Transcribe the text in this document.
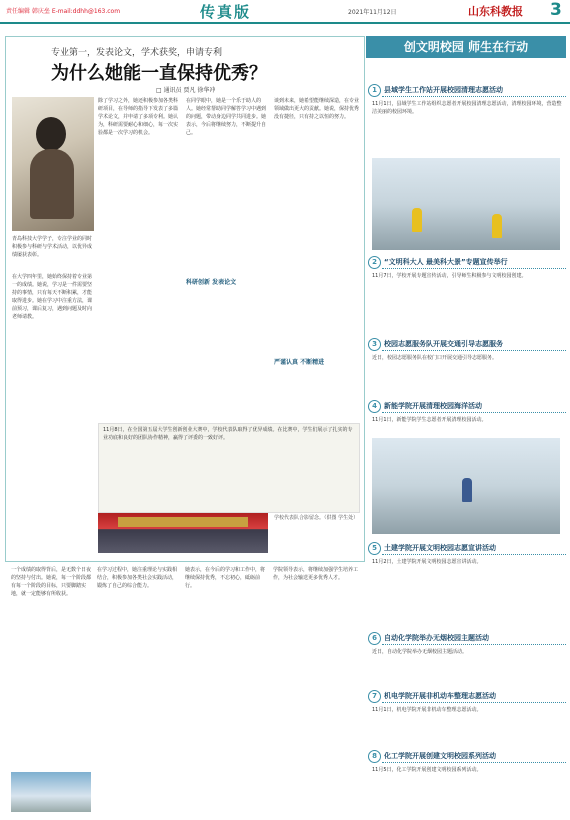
责任编辑 韩庆垒 E-mail:ddhh@163.com	传真版	2021年11月12日	山东科教报 3
专业第一，发表论文，学术获奖，申请专利
为什么她能一直保持优秀？
□ 通讯员 贾凡 徐华冲
青岛科技大学学子，专注学业的同时积极参与科研与学术活动，以优异成绩屡获表彰。
在大学四年里，她始终保持着专业第一的成绩。她说，学习是一件需要坚持的事情，只有每天不断积累，才能取得进步。她在学习中注重方法，课前预习，课后复习，遇到问题及时向老师请教。
除了学习之外，她还积极参加各类科研项目，在导师的指导下发表了多篇学术论文，并申请了多项专利。她认为，科研需要耐心和细心，每一次实验都是一次学习的机会。
科研创新 发表论文
在同学眼中，她是一个乐于助人的人。她经常帮助同学解答学习中遇到的问题，带动身边同学共同进步。她表示，今后将继续努力，不断提升自己。
严谨认真 不断精进
谈到未来，她希望能继续深造，在专业领域做出更大的贡献。她说，保持优秀没有捷径，只有持之以恒的努力。
11月8日，在全国第五届大学生创新创业大赛中，学校代表队取得了优异成绩。在比赛中，学生们展示了扎实的专业功底和良好的团队协作精神，赢得了评委的一致好评。
学校代表队合影留念。（供图 学生处）
一个成绩的取得背后，是无数个日夜的坚持与付出。她说，每一个阶段都有每一个阶段的目标，只要脚踏实地，就一定能够有所收获。
在学习过程中，她注重理论与实践相结合，积极参加各类社会实践活动，锻炼了自己的综合能力。
她表示，在今后的学习和工作中，将继续保持优秀，不忘初心，砥砺前行。
学院领导表示，将继续加强学生培养工作，为社会输送更多优秀人才。
创文明校园 师生在行动
1	县域学生工作站开展校园清理志愿活动
11月1日，县域学生工作站组织志愿者开展校园清理志愿活动，清理校园环境，营造整洁美丽的校园环境。
2	“文明科大人 最美科大景”专题宣传举行
11月7日，学校开展专题宣传活动，引导师生积极参与文明校园创建。
3	校园志愿服务队开展交通引导志愿服务
近日，校园志愿服务队在校门口开展交通引导志愿服务。
4	新能学院开展清理校园海洋活动
11月1日，新能学院学生志愿者开展清理校园活动。
5	土建学院开展文明校园志愿宣讲活动
11月2日，土建学院开展文明校园志愿宣讲活动。
6	自动化学院举办无烟校园主题活动
近日，自动化学院举办无烟校园主题活动。
7	机电学院开展非机动车整理志愿活动
11月1日，机电学院开展非机动车整理志愿活动。
8	化工学院开展创建文明校园系列活动
11月5日，化工学院开展创建文明校园系列活动。
